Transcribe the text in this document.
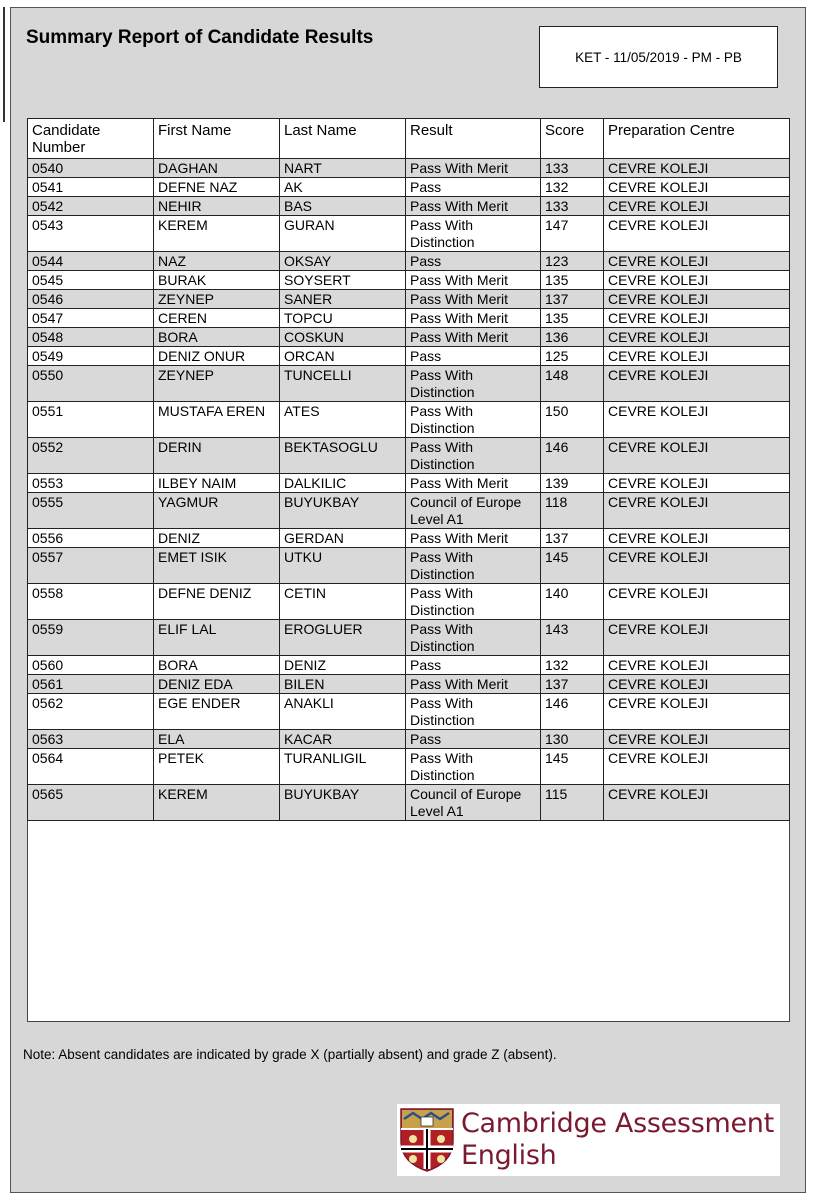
Summary Report of Candidate Results
KET - 11/05/2019 - PM - PB
Candidate Number	First Name	Last Name	Result	Score	Preparation Centre
0540	DAGHAN	NART	Pass With Merit	133	CEVRE KOLEJI
0541	DEFNE NAZ	AK	Pass	132	CEVRE KOLEJI
0542	NEHIR	BAS	Pass With Merit	133	CEVRE KOLEJI
0543	KEREM	GURAN	Pass With Distinction	147	CEVRE KOLEJI
0544	NAZ	OKSAY	Pass	123	CEVRE KOLEJI
0545	BURAK	SOYSERT	Pass With Merit	135	CEVRE KOLEJI
0546	ZEYNEP	SANER	Pass With Merit	137	CEVRE KOLEJI
0547	CEREN	TOPCU	Pass With Merit	135	CEVRE KOLEJI
0548	BORA	COSKUN	Pass With Merit	136	CEVRE KOLEJI
0549	DENIZ ONUR	ORCAN	Pass	125	CEVRE KOLEJI
0550	ZEYNEP	TUNCELLI	Pass With Distinction	148	CEVRE KOLEJI
0551	MUSTAFA EREN	ATES	Pass With Distinction	150	CEVRE KOLEJI
0552	DERIN	BEKTASOGLU	Pass With Distinction	146	CEVRE KOLEJI
0553	ILBEY NAIM	DALKILIC	Pass With Merit	139	CEVRE KOLEJI
0555	YAGMUR	BUYUKBAY	Council of Europe Level A1	118	CEVRE KOLEJI
0556	DENIZ	GERDAN	Pass With Merit	137	CEVRE KOLEJI
0557	EMET ISIK	UTKU	Pass With Distinction	145	CEVRE KOLEJI
0558	DEFNE DENIZ	CETIN	Pass With Distinction	140	CEVRE KOLEJI
0559	ELIF LAL	EROGLUER	Pass With Distinction	143	CEVRE KOLEJI
0560	BORA	DENIZ	Pass	132	CEVRE KOLEJI
0561	DENIZ EDA	BILEN	Pass With Merit	137	CEVRE KOLEJI
0562	EGE ENDER	ANAKLI	Pass With Distinction	146	CEVRE KOLEJI
0563	ELA	KACAR	Pass	130	CEVRE KOLEJI
0564	PETEK	TURANLIGIL	Pass With Distinction	145	CEVRE KOLEJI
0565	KEREM	BUYUKBAY	Council of Europe Level A1	115	CEVRE KOLEJI
Note: Absent candidates are indicated by grade X (partially absent) and grade Z (absent).
Cambridge Assessment
English
